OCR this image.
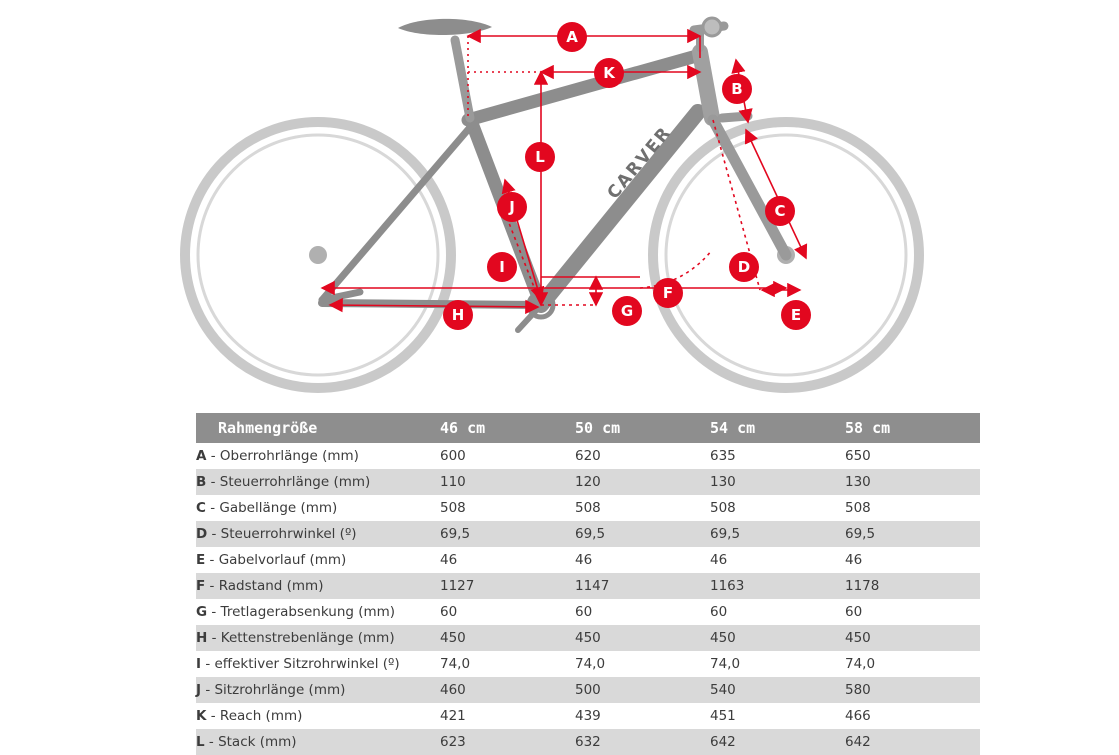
CARVER
A
K
B
L
J	C
D
I
F
E
G
H
Rahmengröße	46 cm	50 cm	54 cm	58 cm
A - Oberrohrlänge (mm)	600	620	635	650
B - Steuerrohrlänge (mm)	110	120	130	130
C - Gabellänge (mm)	508	508	508	508
D - Steuerrohrwinkel (º)	69,5	69,5	69,5	69,5
E - Gabelvorlauf (mm)	46	46	46	46
F - Radstand (mm)	1127	1147	1163	1178
G - Tretlagerabsenkung (mm)	60	60	60	60
H - Kettenstrebenlänge (mm)	450	450	450	450
I - effektiver Sitzrohrwinkel (º)	74,0	74,0	74,0	74,0
J - Sitzrohrlänge (mm)	460	500	540	580
K - Reach (mm)	421	439	451	466
L - Stack (mm)	623	632	642	642
